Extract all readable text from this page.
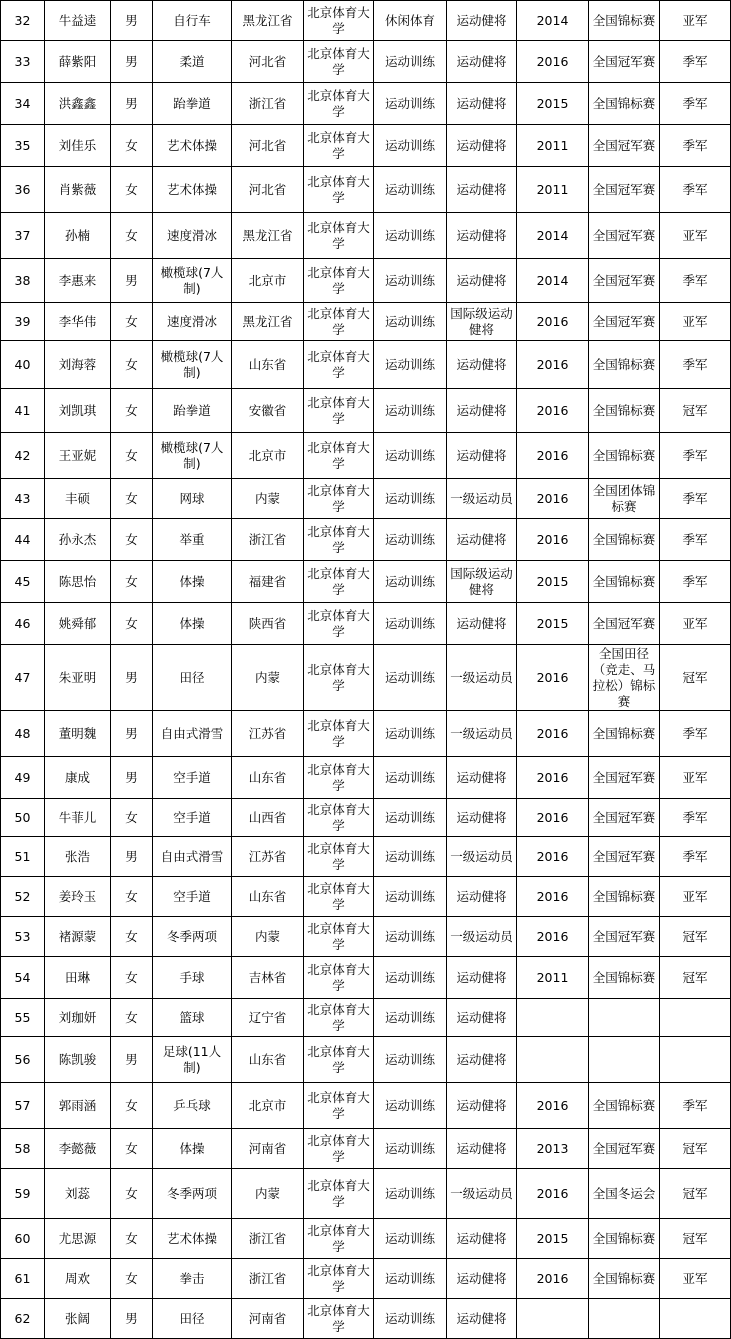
32	牛益逵	男	自行车	黑龙江省	北京体育大学	休闲体育	运动健将	2014	全国锦标赛	亚军
33	薛紫阳	男	柔道	河北省	北京体育大学	运动训练	运动健将	2016	全国冠军赛	季军
34	洪鑫鑫	男	跆拳道	浙江省	北京体育大学	运动训练	运动健将	2015	全国锦标赛	季军
35	刘佳乐	女	艺术体操	河北省	北京体育大学	运动训练	运动健将	2011	全国冠军赛	季军
36	肖紫薇	女	艺术体操	河北省	北京体育大学	运动训练	运动健将	2011	全国冠军赛	季军
37	孙楠	女	速度滑冰	黑龙江省	北京体育大学	运动训练	运动健将	2014	全国冠军赛	亚军
38	李惠来	男	橄榄球(7人制)	北京市	北京体育大学	运动训练	运动健将	2014	全国冠军赛	季军
39	李华伟	女	速度滑冰	黑龙江省	北京体育大学	运动训练	国际级运动健将	2016	全国冠军赛	亚军
40	刘海蓉	女	橄榄球(7人制)	山东省	北京体育大学	运动训练	运动健将	2016	全国锦标赛	季军
41	刘凯琪	女	跆拳道	安徽省	北京体育大学	运动训练	运动健将	2016	全国锦标赛	冠军
42	王亚妮	女	橄榄球(7人制)	北京市	北京体育大学	运动训练	运动健将	2016	全国锦标赛	季军
43	丰硕	女	网球	内蒙	北京体育大学	运动训练	一级运动员	2016	全国团体锦标赛	季军
44	孙永杰	女	举重	浙江省	北京体育大学	运动训练	运动健将	2016	全国锦标赛	季军
45	陈思怡	女	体操	福建省	北京体育大学	运动训练	国际级运动健将	2015	全国锦标赛	季军
46	姚舜郁	女	体操	陕西省	北京体育大学	运动训练	运动健将	2015	全国冠军赛	亚军
47	朱亚明	男	田径	内蒙	北京体育大学	运动训练	一级运动员	2016	全国田径（竞走、马拉松）锦标赛	冠军
48	董明魏	男	自由式滑雪	江苏省	北京体育大学	运动训练	一级运动员	2016	全国锦标赛	季军
49	康成	男	空手道	山东省	北京体育大学	运动训练	运动健将	2016	全国冠军赛	亚军
50	牛菲儿	女	空手道	山西省	北京体育大学	运动训练	运动健将	2016	全国冠军赛	季军
51	张浩	男	自由式滑雪	江苏省	北京体育大学	运动训练	一级运动员	2016	全国冠军赛	季军
52	姜玲玉	女	空手道	山东省	北京体育大学	运动训练	运动健将	2016	全国锦标赛	亚军
53	褚源蒙	女	冬季两项	内蒙	北京体育大学	运动训练	一级运动员	2016	全国冠军赛	冠军
54	田琳	女	手球	吉林省	北京体育大学	运动训练	运动健将	2011	全国锦标赛	冠军
55	刘珈妍	女	篮球	辽宁省	北京体育大学	运动训练	运动健将			
56	陈凯骏	男	足球(11人制)	山东省	北京体育大学	运动训练	运动健将			
57	郭雨涵	女	乒乓球	北京市	北京体育大学	运动训练	运动健将	2016	全国锦标赛	季军
58	李懿薇	女	体操	河南省	北京体育大学	运动训练	运动健将	2013	全国冠军赛	冠军
59	刘蕊	女	冬季两项	内蒙	北京体育大学	运动训练	一级运动员	2016	全国冬运会	冠军
60	尤思源	女	艺术体操	浙江省	北京体育大学	运动训练	运动健将	2015	全国锦标赛	冠军
61	周欢	女	拳击	浙江省	北京体育大学	运动训练	运动健将	2016	全国锦标赛	亚军
62	张阔	男	田径	河南省	北京体育大学	运动训练	运动健将			
